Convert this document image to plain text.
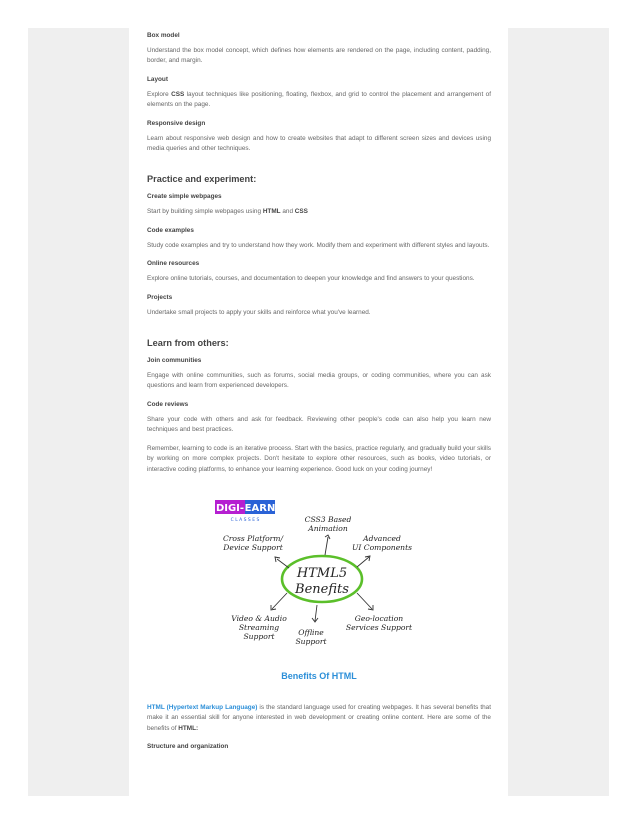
Box model

Understand the box model concept, which defines how elements are rendered on the page, including content, padding, border, and margin.

Layout

Explore CSS layout techniques like positioning, floating, flexbox, and grid to control the placement and arrangement of elements on the page.

Responsive design

Learn about responsive web design and how to create websites that adapt to different screen sizes and devices using media queries and other techniques.

Practice and experiment:

Create simple webpages

Start by building simple webpages using HTML and CSS

Code examples

Study code examples and try to understand how they work. Modify them and experiment with different styles and layouts.

Online resources

Explore online tutorials, courses, and documentation to deepen your knowledge and find answers to your questions.

Projects

Undertake small projects to apply your skills and reinforce what you've learned.

Learn from others:

Join communities

Engage with online communities, such as forums, social media groups, or coding communities, where you can ask questions and learn from experienced developers.

Code reviews

Share your code with others and ask for feedback. Reviewing other people's code can also help you learn new techniques and best practices.

Remember, learning to code is an iterative process. Start with the basics, practice regularly, and gradually build your skills by working on more complex projects. Don't hesitate to explore other resources, such as books, video tutorials, or interactive coding platforms, to enhance your learning experience. Good luck on your coding journey!

DIGI- EARN
C L A S S E S
HTML5
Benefits
CSS3 Based
Animation
Cross Platform/
Device Support
Advanced
UI Components
Video & Audio
Streaming
Support	Offline
Support
Geo-location
Services Support

Benefits Of HTML

HTML (Hypertext Markup Language) is the standard language used for creating webpages. It has several benefits that make it an essential skill for anyone interested in web development or creating online content. Here are some of the benefits of HTML:

Structure and organization
